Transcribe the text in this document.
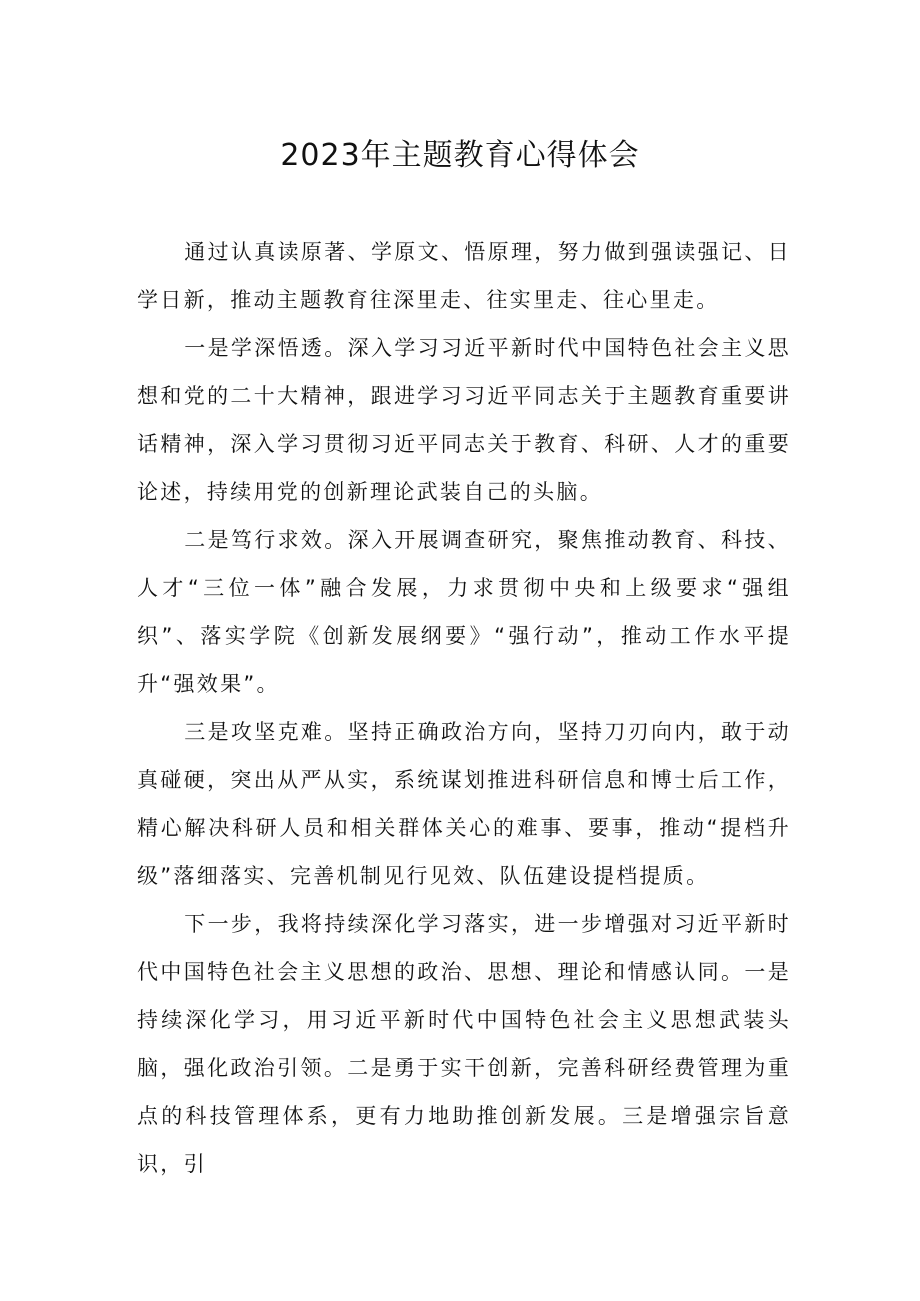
2023年主题教育心得体会

通过认真读原著、学原文、悟原理，努力做到强读强记、日学日新，推动主题教育往深里走、往实里走、往心里走。

一是学深悟透。深入学习习近平新时代中国特色社会主义思想和党的二十大精神，跟进学习习近平同志关于主题教育重要讲话精神，深入学习贯彻习近平同志关于教育、科研、人才的重要论述，持续用党的创新理论武装自己的头脑。

二是笃行求效。深入开展调查研究，聚焦推动教育、科技、人才“三位一体”融合发展，力求贯彻中央和上级要求“强组织”、落实学院《创新发展纲要》“强行动”，推动工作水平提升“强效果”。

三是攻坚克难。坚持正确政治方向，坚持刀刃向内，敢于动真碰硬，突出从严从实，系统谋划推进科研信息和博士后工作，精心解决科研人员和相关群体关心的难事、要事，推动“提档升级”落细落实、完善机制见行见效、队伍建设提档提质。

下一步，我将持续深化学习落实，进一步增强对习近平新时代中国特色社会主义思想的政治、思想、理论和情感认同。一是持续深化学习，用习近平新时代中国特色社会主义思想武装头脑，强化政治引领。二是勇于实干创新，完善科研经费管理为重点的科技管理体系，更有力地助推创新发展。三是增强宗旨意识，引
